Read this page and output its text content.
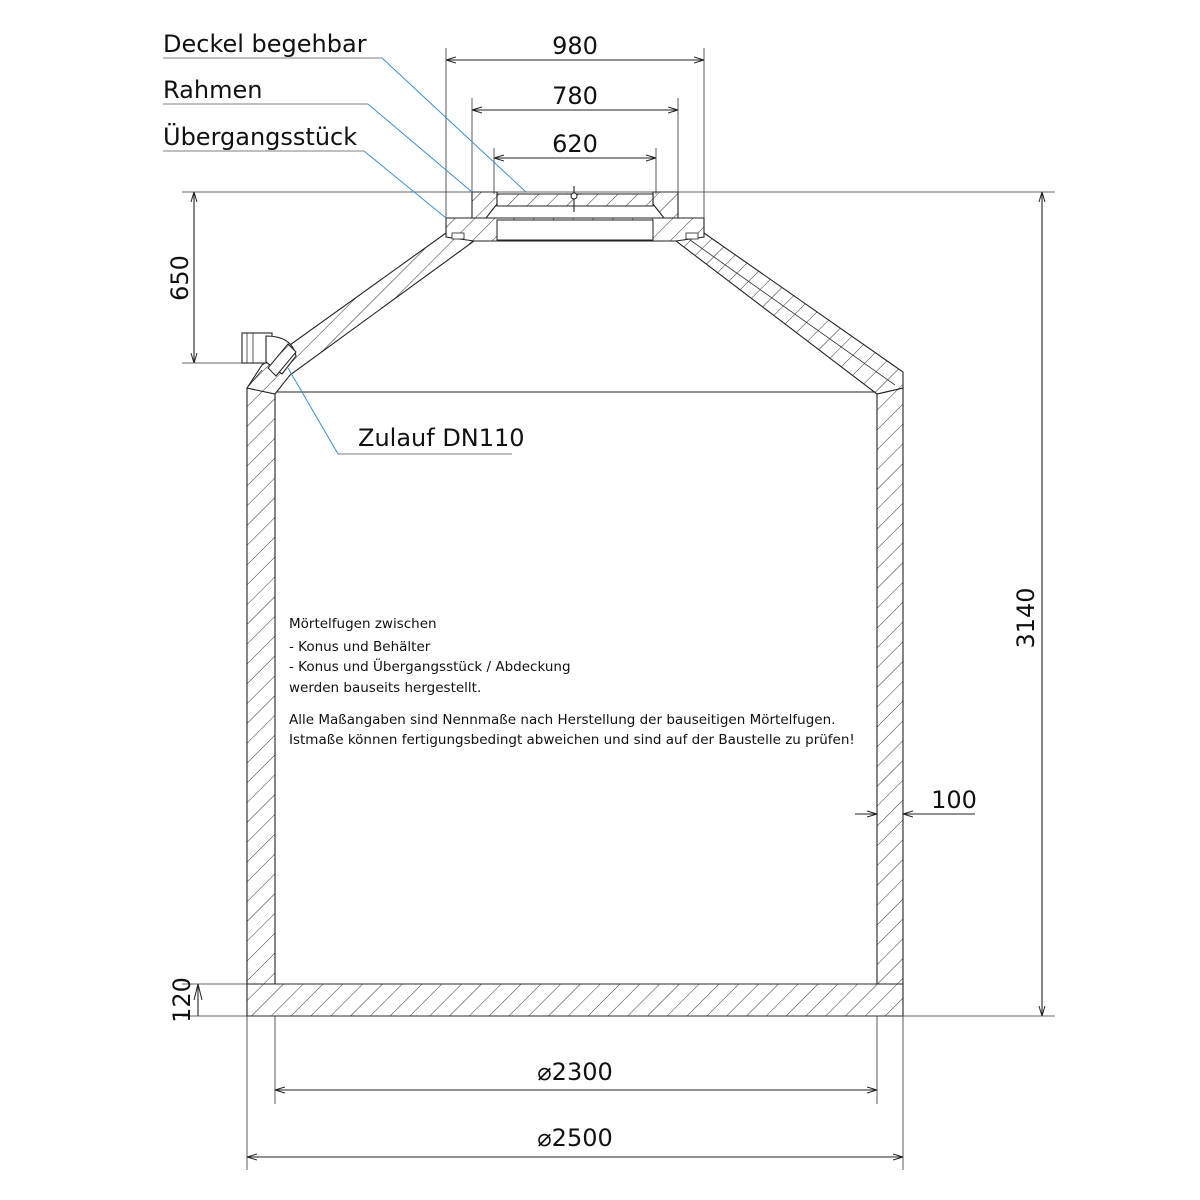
Deckel begehbar
Rahmen
Übergangsstück
Zulauf DN110
980
780
620
650
3140
100
120
⌀2300
⌀2500
Mörtelfugen zwischen
- Konus und Behälter
- Konus und Übergangsstück / Abdeckung
werden bauseits hergestellt.
Alle Maßangaben sind Nennmaße nach Herstellung der bauseitigen Mörtelfugen.
Istmaße können fertigungsbedingt abweichen und sind auf der Baustelle zu prüfen!
